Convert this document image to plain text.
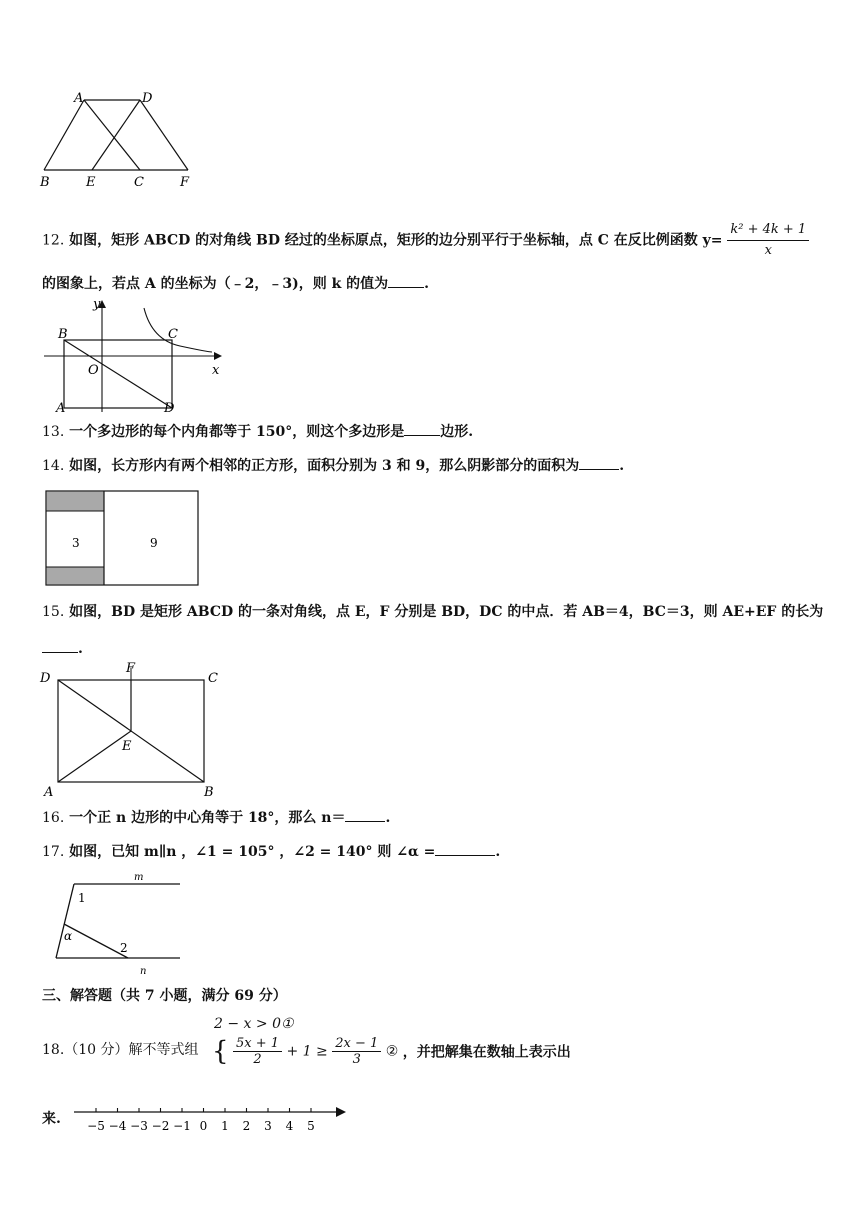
A	D
B	E	C	F
12. 如图，矩形 ABCD 的对角线 BD 经过的坐标原点，矩形的边分别平行于坐标轴，点 C 在反比例函数 $y= \frac{\text{k² + 4k + 1}}{x}$
的图象上，若点 A 的坐标为（﹣2，﹣3)，则 k 的值为	.
y
x
B	C
O
A	D
13. 一个多边形的每个内角都等于 150°，则这个多边形是	边形.
14. 如图，长方形内有两个相邻的正方形，面积分别为 3 和 9，那么阴影部分的面积为	.
3	9
15. 如图，BD 是矩形 ABCD 的一条对角线，点 E，F 分别是 BD，DC 的中点．若 AB＝4，BC＝3，则 AE+EF 的长为
.
D
F
C
E
A	B
16. 一个正 n 边形的中心角等于 18°，那么 n＝	.
17. 如图，已知 m∥n ，∠1 = 105° ，∠2 = 140° 则 ∠α =	.
m
n
1
2
α
三、解答题（共 7 小题，满分 69 分）
2 − x > 0①
18.（10 分）解不等式组 { $\frac{5x + 1}{2} + 1 \ge \frac{2x - 1}{3}$ ② ，并把解集在数轴上表示出
来. −5 −4 −3 −2 −1 0 1 2 3 4 5
